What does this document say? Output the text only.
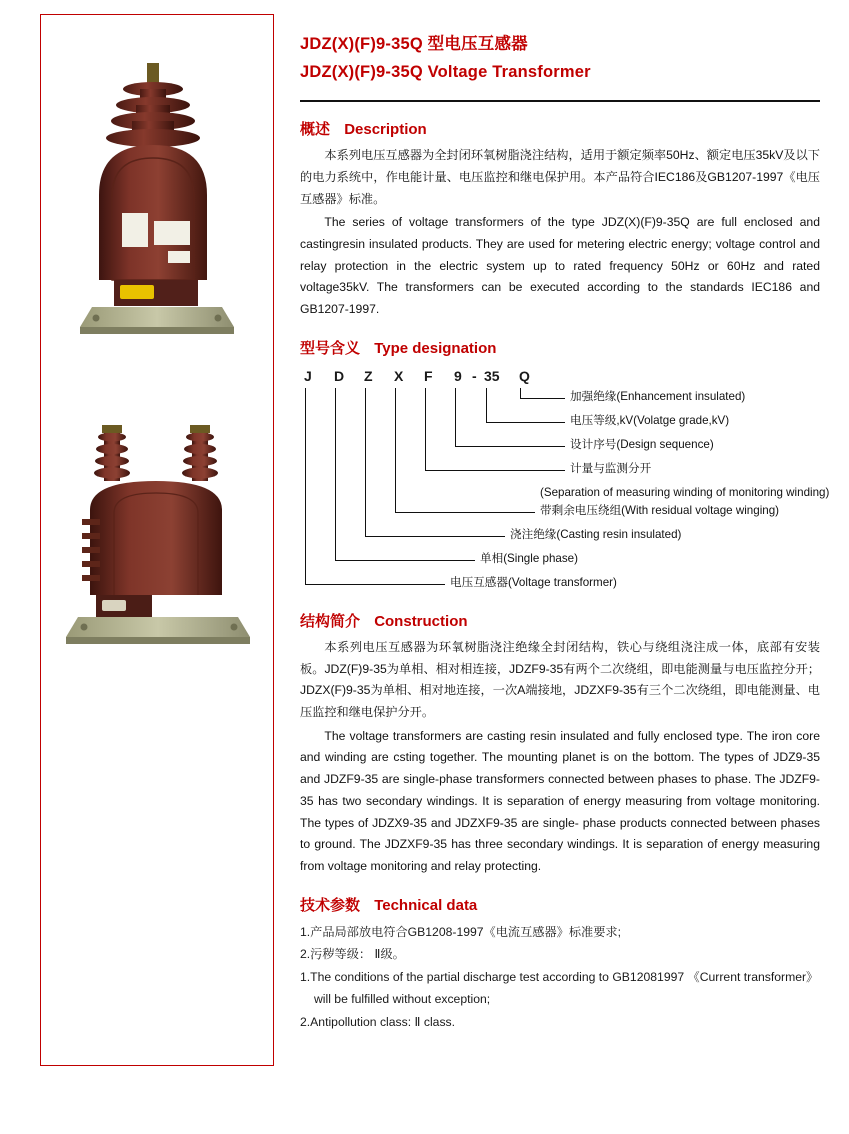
JDZ(X)(F)9-35Q 型电压互感器
JDZ(X)(F)9-35Q Voltage Transformer
概述 Description

本系列电压互感器为全封闭环氧树脂浇注结构，适用于额定频率50Hz、额定电压35kV及以下的电力系统中，作电能计量、电压监控和继电保护用。本产品符合IEC186及GB1207-1997《电压互感器》标准。

The series of voltage transformers of the type JDZ(X)(F)9-35Q are full enclosed and castingresin insulated products. They are used for metering electric energy; voltage control and relay protection in the electric system up to rated frequency 50Hz or 60Hz and rated voltage35kV. The transformers can be executed according to the standards IEC186 and GB1207-1997.

型号含义 Type designation
J D Z X F 9 - 35 Q
加强绝缘(Enhancement insulated)
电压等级,kV(Volatge grade,kV)
设计序号(Design sequence)
计量与监测分开
(Separation of measuring winding of monitoring winding)
带剩余电压绕组(With residual voltage winging)
浇注绝缘(Casting resin insulated)
单相(Single phase)
电压互感器(Voltage transformer)
结构简介 Construction

本系列电压互感器为环氧树脂浇注绝缘全封闭结构，铁心与绕组浇注成一体，底部有安装板。JDZ(F)9-35为单相、相对相连接，JDZF9-35有两个二次绕组，即电能测量与电压监控分开；JDZX(F)9-35为单相、相对地连接，一次A端接地，JDZXF9-35有三个二次绕组，即电能测量、电压监控和继电保护分开。

The voltage transformers are casting resin insulated and fully enclosed type. The iron core and winding are csting together. The mounting planet is on the bottom. The types of JDZ9-35 and JDZF9-35 are single-phase transformers connected between phases to phase. The JDZF9-35 has two secondary windings. It is separation of energy measuring from voltage monitoring. The types of JDZX9-35 and JDZXF9-35 are single- phase products connected between phases to ground. The JDZXF9-35 has three secondary windings. It is separation of energy measuring from voltage monitoring and relay protecting.

技术参数 Technical data
1.产品局部放电符合GB1208-1997《电流互感器》标准要求;
2.污秽等级： Ⅱ级。
1.The conditions of the partial discharge test according to GB12081997 《Current transformer》
will be fulfilled without exception;
2.Antipollution class: Ⅱ class.
